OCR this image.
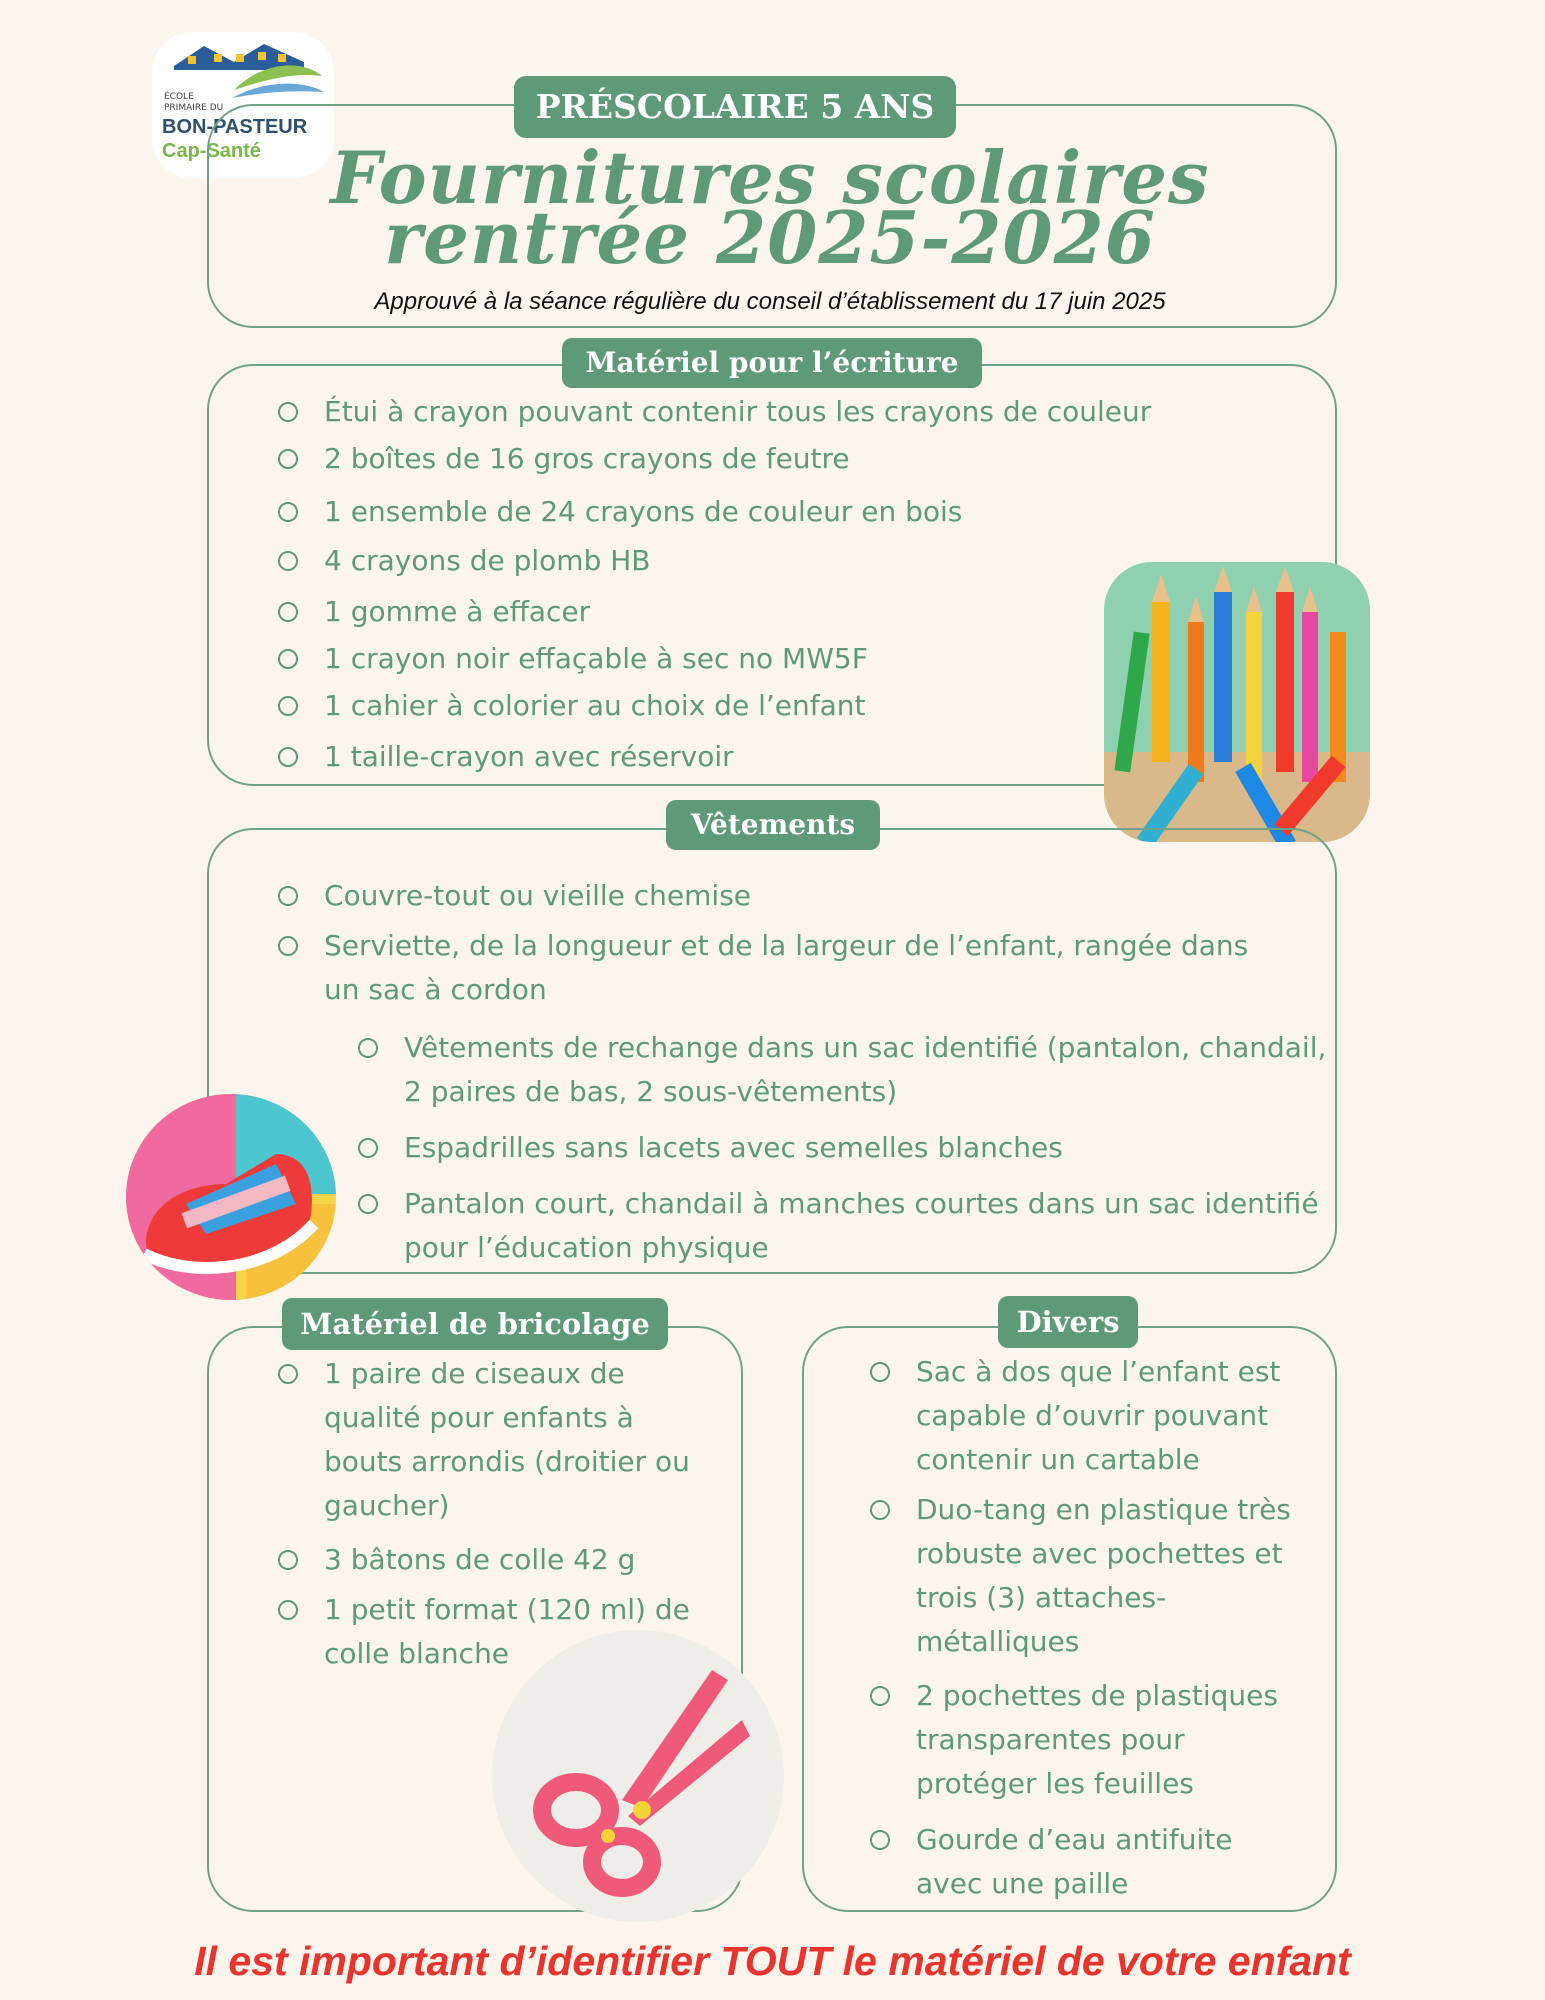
ÉCOLE
PRIMAIRE DU
BON-PASTEUR
Cap-Santé
PRÉSCOLAIRE 5 ANS
Fournitures scolaires
rentrée 2025-2026
Approuvé à la séance régulière du conseil d’établissement du 17 juin 2025
Matériel pour l’écriture
Étui à crayon pouvant contenir tous les crayons de couleur
2 boîtes de 16 gros crayons de feutre
1 ensemble de 24 crayons de couleur en bois
4 crayons de plomb HB
1 gomme à effacer
1 crayon noir effaçable à sec no MW5F
1 cahier à colorier au choix de l’enfant
1 taille-crayon avec réservoir
Vêtements
Couvre-tout ou vieille chemise
Serviette, de la longueur et de la largeur de l’enfant, rangée dans un sac à cordon
Vêtements de rechange dans un sac identifié (pantalon, chandail, 2 paires de bas, 2 sous-vêtements)
Espadrilles sans lacets avec semelles blanches
Pantalon court, chandail à manches courtes dans un sac identifié pour l’éducation physique
Matériel de bricolage
1 paire de ciseaux de qualité pour enfants à bouts arrondis (droitier ou gaucher)
3 bâtons de colle 42 g
1 petit format (120 ml) de colle blanche
Divers
Sac à dos que l’enfant est capable d’ouvrir pouvant contenir un cartable
Duo-tang en plastique très robuste avec pochettes et trois (3) attaches-métalliques
2 pochettes de plastiques transparentes pour protéger les feuilles
Gourde d’eau antifuite avec une paille
Il est important d’identifier TOUT le matériel de votre enfant
